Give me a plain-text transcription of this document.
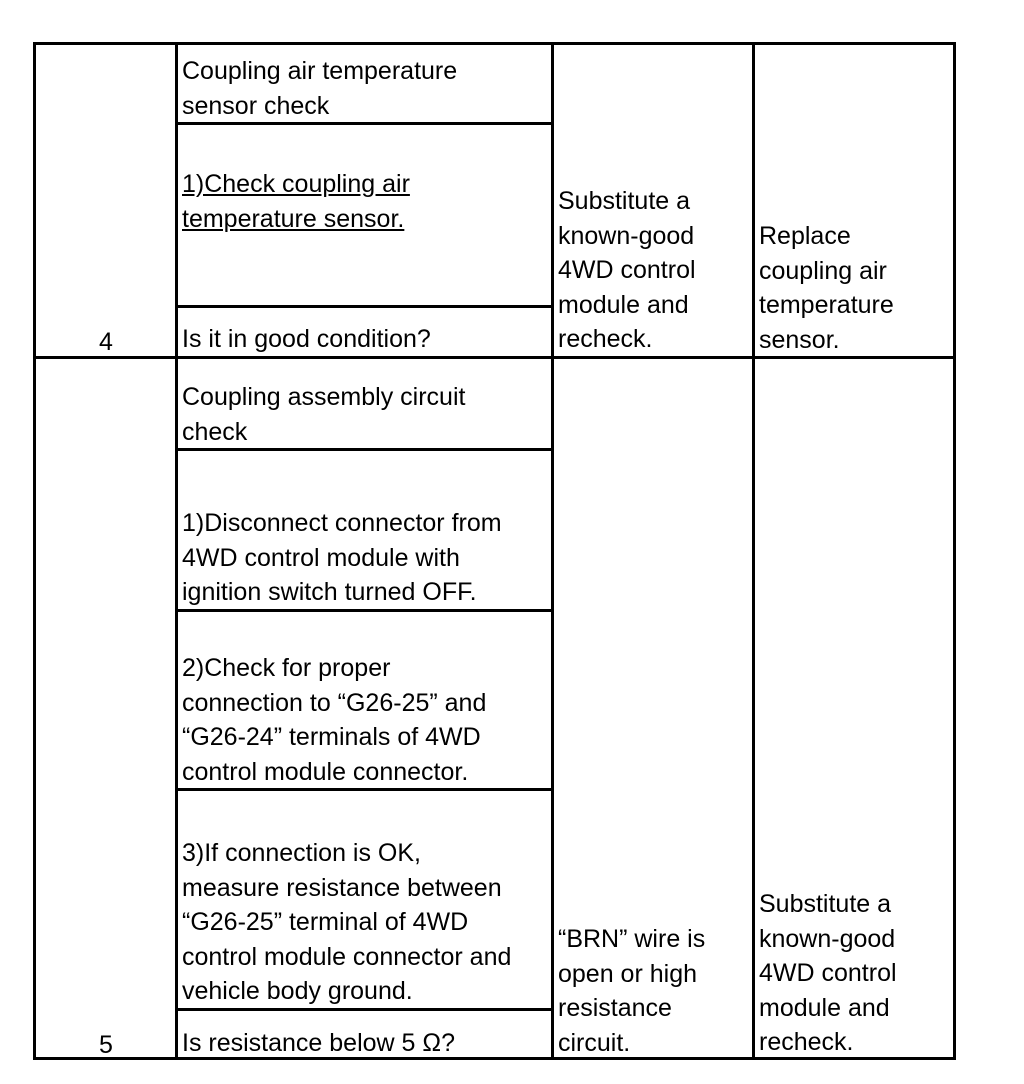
4
Coupling air temperature
sensor check
1)Check coupling air
temperature sensor.
Is it in good condition?
Substitute a
known-good
4WD control
module and
recheck.
Replace
coupling air
temperature
sensor.
5
Coupling assembly circuit
check
1)Disconnect connector from
4WD control module with
ignition switch turned OFF.
2)Check for proper
connection to “G26-25” and
“G26-24” terminals of 4WD
control module connector.
3)If connection is OK,
measure resistance between
“G26-25” terminal of 4WD
control module connector and
vehicle body ground.
Is resistance below 5 Ω?
“BRN” wire is
open or high
resistance
circuit.
Substitute a
known-good
4WD control
module and
recheck.
